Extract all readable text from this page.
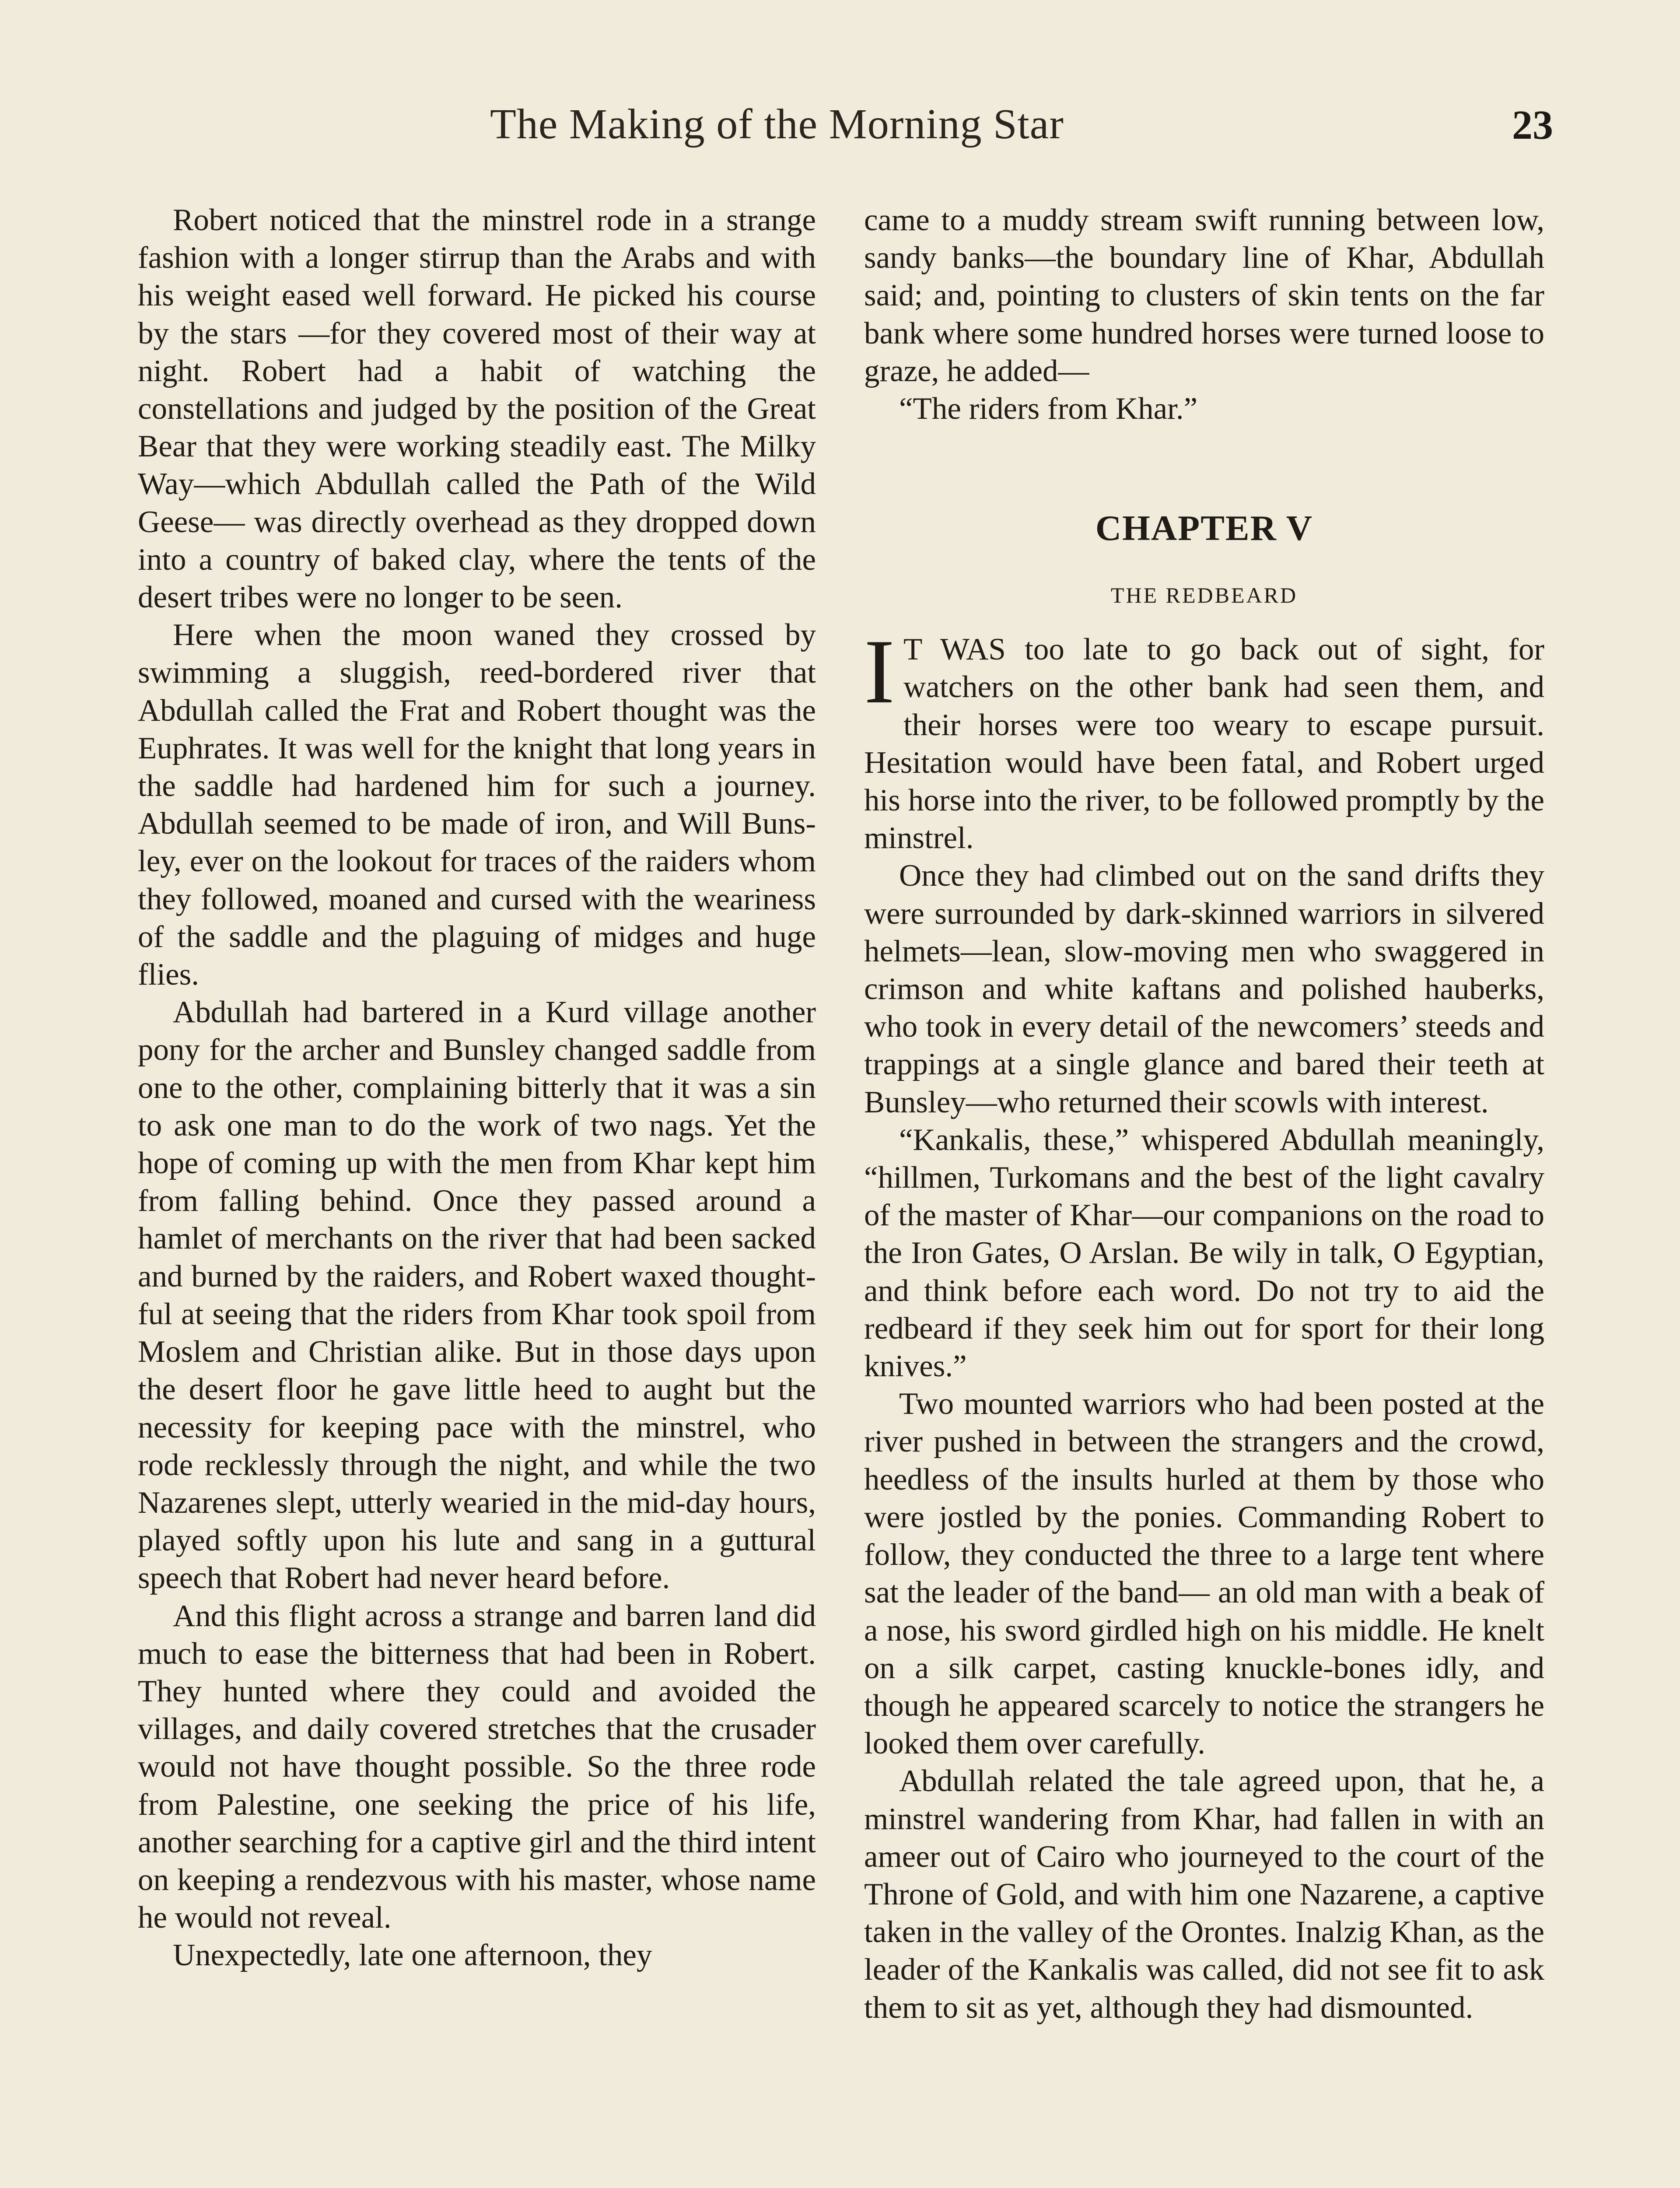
The Making of the Morning Star	23

Robert noticed that the minstrel rode in a strange fashion with a longer stirrup than the Arabs and with his weight eased well forward. He picked his course by the stars —for they covered most of their way at night. Robert had a habit of watching the constellations and judged by the position of the Great Bear that they were working steadily east. The Milky Way—which Abdullah called the Path of the Wild Geese— was directly overhead as they dropped down into a country of baked clay, where the tents of the desert tribes were no longer to be seen.

Here when the moon waned they crossed by swimming a sluggish, reed-bordered river that Abdullah called the Frat and Robert thought was the Euphrates. It was well for the knight that long years in the saddle had hardened him for such a journey. Abdullah seemed to be made of iron, and Will Bunsley, ever on the lookout for traces of the raiders whom they followed, moaned and cursed with the weariness of the saddle and the plaguing of midges and huge flies.

Abdullah had bartered in a Kurd village another pony for the archer and Bunsley changed saddle from one to the other, complaining bitterly that it was a sin to ask one man to do the work of two nags. Yet the hope of coming up with the men from Khar kept him from falling behind. Once they passed around a hamlet of merchants on the river that had been sacked and burned by the raiders, and Robert waxed thoughtful at seeing that the riders from Khar took spoil from Moslem and Christian alike. But in those days upon the desert floor he gave little heed to aught but the necessity for keeping pace with the minstrel, who rode recklessly through the night, and while the two Nazarenes slept, utterly wearied in the mid-day hours, played softly upon his lute and sang in a guttural speech that Robert had never heard before.

And this flight across a strange and barren land did much to ease the bitterness that had been in Robert. They hunted where they could and avoided the villages, and daily covered stretches that the crusader would not have thought possible. So the three rode from Palestine, one seeking the price of his life, another searching for a captive girl and the third intent on keeping a rendezvous with his master, whose name he would not reveal.

Unexpectedly, late one afternoon, they

came to a muddy stream swift running between low, sandy banks—the boundary line of Khar, Abdullah said; and, pointing to clusters of skin tents on the far bank where some hundred horses were turned loose to graze, he added—

“The riders from Khar.”

CHAPTER V
THE REDBEARD

I T WAS too late to go back out of sight, for watchers on the other bank had seen them, and their horses were too weary to escape pursuit. Hesitation would have been fatal, and Robert urged his horse into the river, to be followed promptly by the minstrel.

Once they had climbed out on the sand drifts they were surrounded by dark-skinned warriors in silvered helmets—lean, slow-moving men who swaggered in crimson and white kaftans and polished hauberks, who took in every detail of the newcomers’ steeds and trappings at a single glance and bared their teeth at Bunsley—who returned their scowls with interest.

“Kankalis, these,” whispered Abdullah meaningly, “hillmen, Turkomans and the best of the light cavalry of the master of Khar—our companions on the road to the Iron Gates, O Arslan. Be wily in talk, O Egyptian, and think before each word. Do not try to aid the redbeard if they seek him out for sport for their long knives.”

Two mounted warriors who had been posted at the river pushed in between the strangers and the crowd, heedless of the insults hurled at them by those who were jostled by the ponies. Commanding Robert to follow, they conducted the three to a large tent where sat the leader of the band— an old man with a beak of a nose, his sword girdled high on his middle. He knelt on a silk carpet, casting knuckle-bones idly, and though he appeared scarcely to notice the strangers he looked them over carefully.

Abdullah related the tale agreed upon, that he, a minstrel wandering from Khar, had fallen in with an ameer out of Cairo who journeyed to the court of the Throne of Gold, and with him one Nazarene, a captive taken in the valley of the Orontes. Inalzig Khan, as the leader of the Kankalis was called, did not see fit to ask them to sit as yet, although they had dismounted.
